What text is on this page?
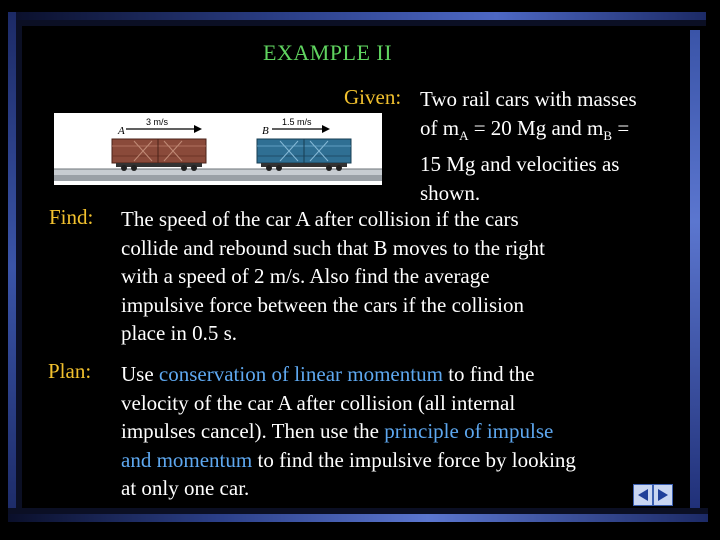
EXAMPLE II
A
3 m/s
B
1.5 m/s
Given: Two rail cars with masses
of $m_A = 20$ Mg and $m_B$ =
15 Mg and velocities as
shown.
Find: The speed of the car A after collision if the cars
collide and rebound such that B moves to the right
with a speed of 2 m/s. Also find the average
impulsive force between the cars if the collision
place in 0.5 s.
Plan: Use conservation of linear momentum to find the
velocity of the car A after collision (all internal
impulses cancel). Then use the principle of impulse
and momentum to find the impulsive force by looking
at only one car.
